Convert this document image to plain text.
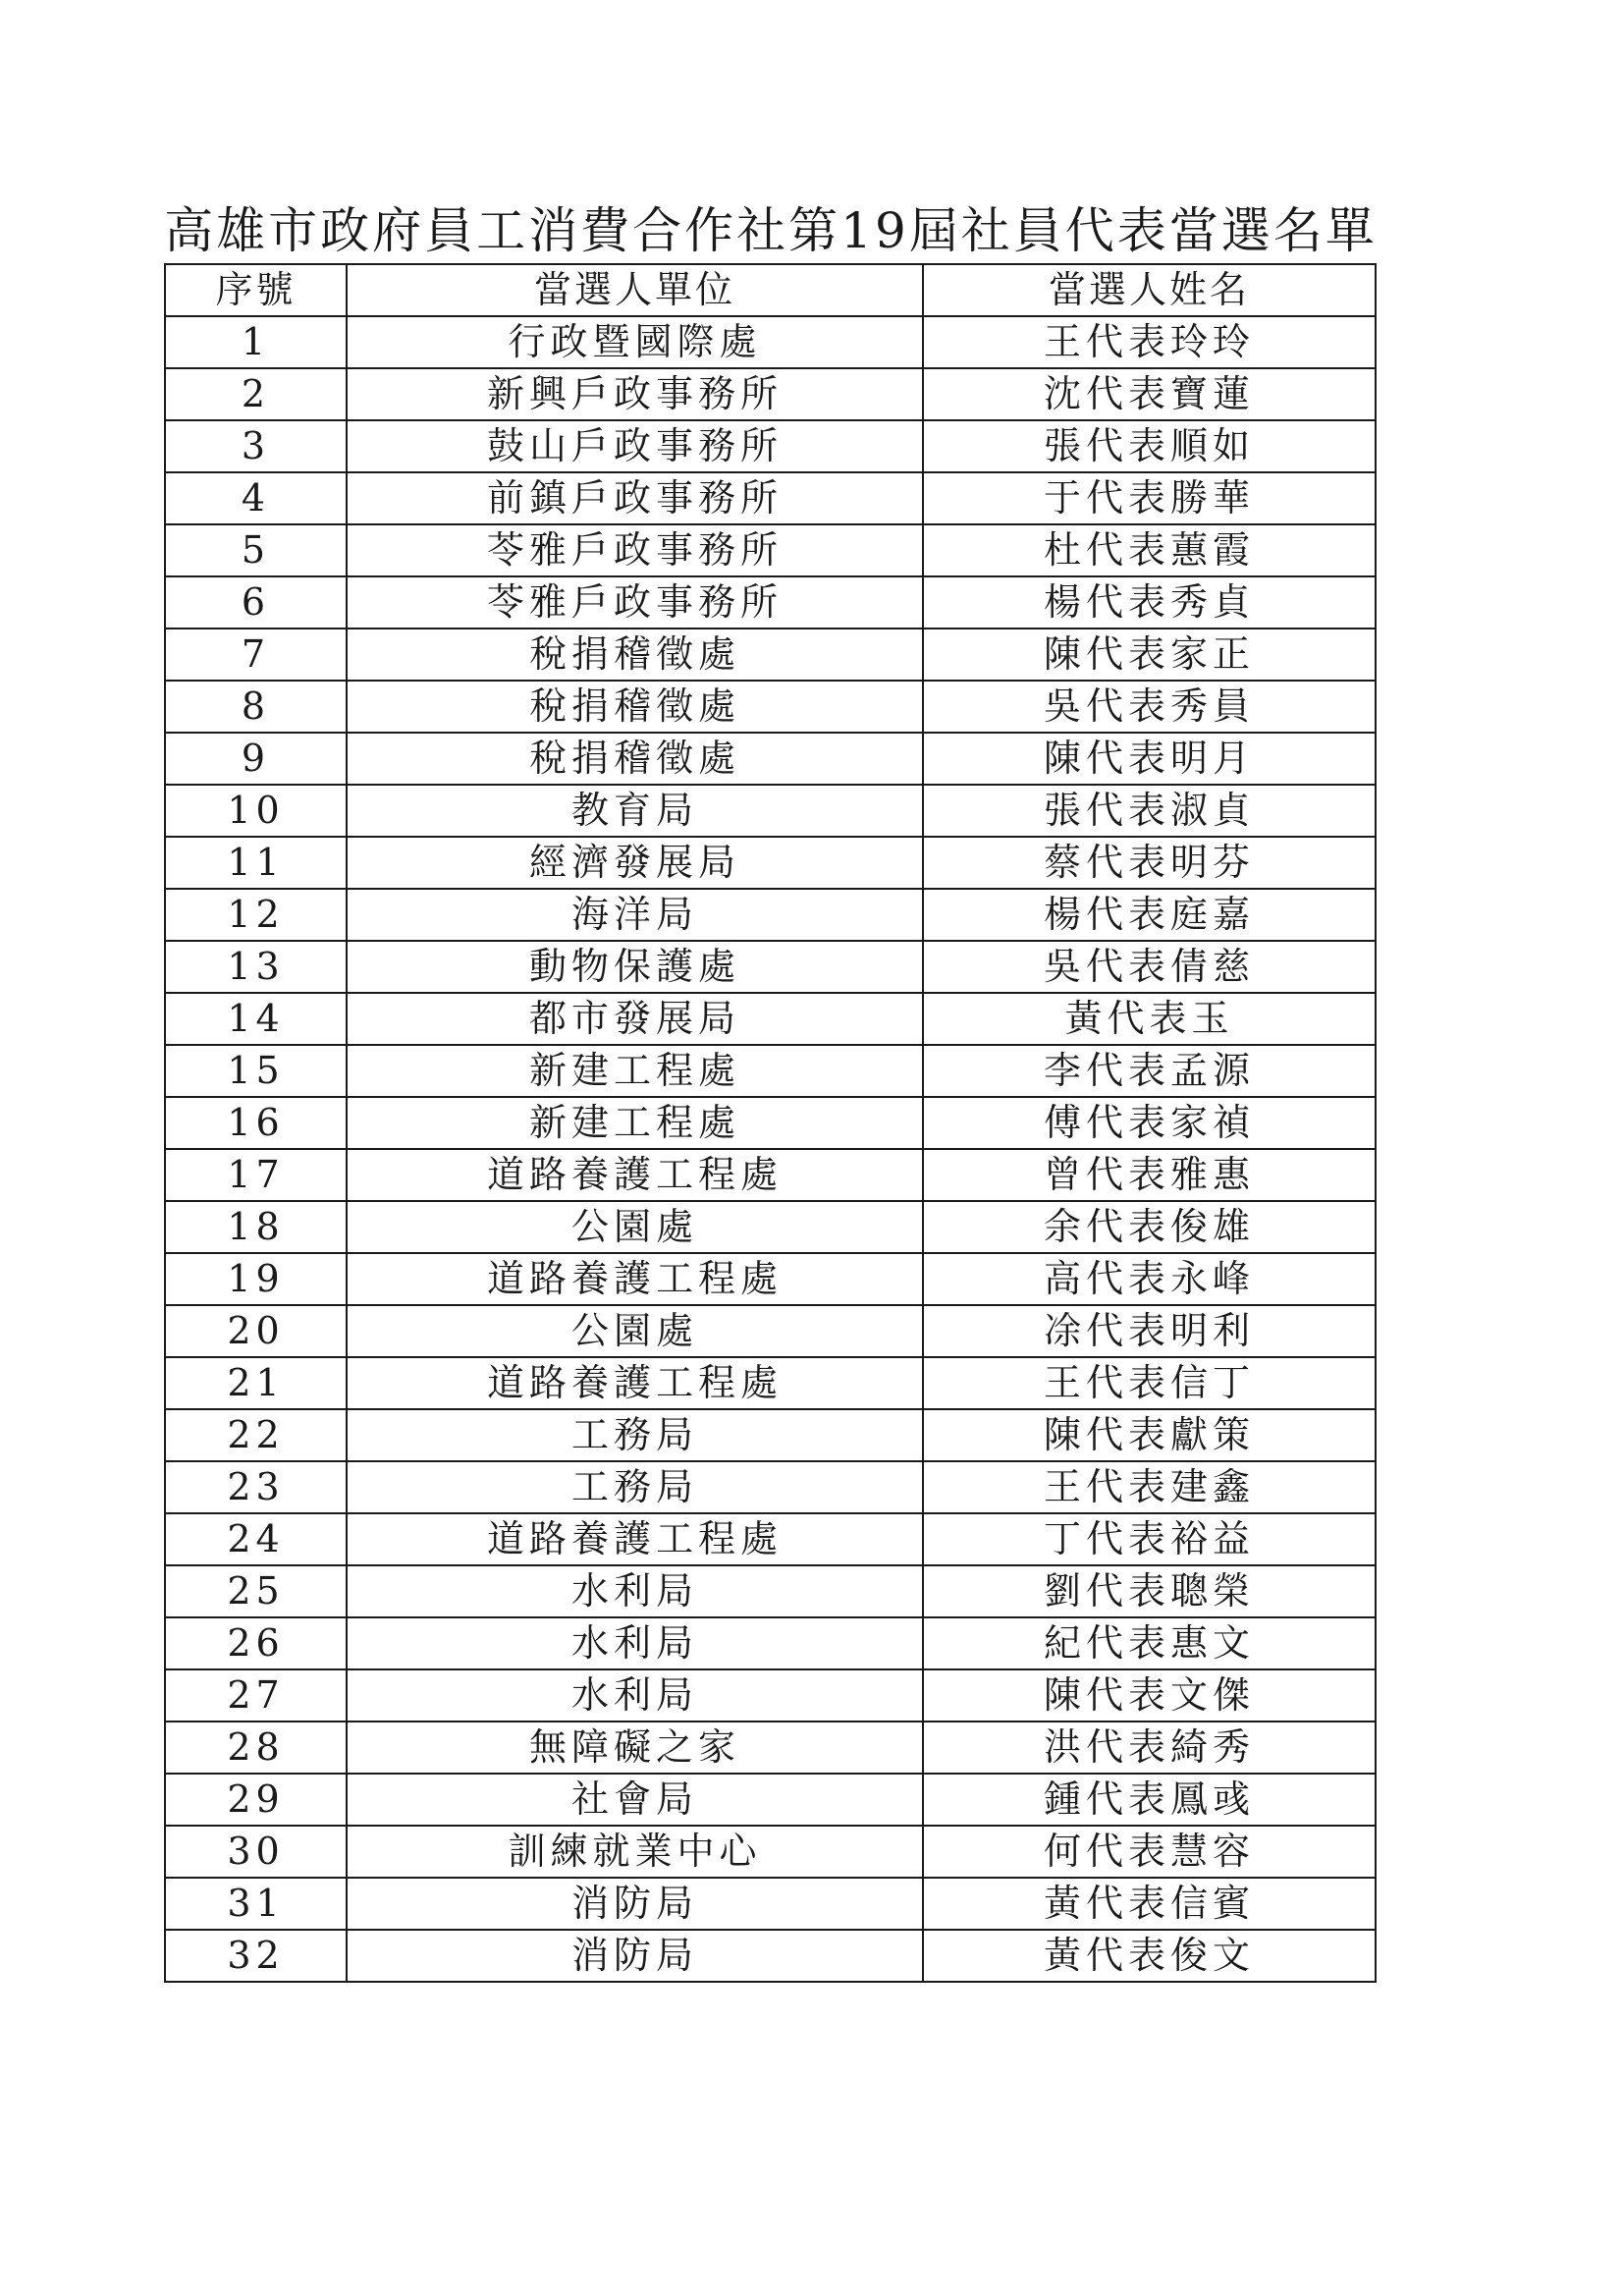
高雄市政府員工消費合作社第19屆社員代表當選名單
序號	當選人單位	當選人姓名
1	行政暨國際處	王代表玲玲
2	新興戶政事務所	沈代表寶蓮
3	鼓山戶政事務所	張代表順如
4	前鎮戶政事務所	于代表勝華
5	苓雅戶政事務所	杜代表蕙霞
6	苓雅戶政事務所	楊代表秀貞
7	稅捐稽徵處	陳代表家正
8	稅捐稽徵處	吳代表秀員
9	稅捐稽徵處	陳代表明月
10	教育局	張代表淑貞
11	經濟發展局	蔡代表明芬
12	海洋局	楊代表庭嘉
13	動物保護處	吳代表倩慈
14	都市發展局	黃代表玉
15	新建工程處	李代表孟源
16	新建工程處	傅代表家禎
17	道路養護工程處	曾代表雅惠
18	公園處	余代表俊雄
19	道路養護工程處	高代表永峰
20	公園處	凃代表明利
21	道路養護工程處	王代表信丁
22	工務局	陳代表獻策
23	工務局	王代表建鑫
24	道路養護工程處	丁代表裕益
25	水利局	劉代表聰榮
26	水利局	紀代表惠文
27	水利局	陳代表文傑
28	無障礙之家	洪代表綺秀
29	社會局	鍾代表鳳彧
30	訓練就業中心	何代表慧容
31	消防局	黃代表信賓
32	消防局	黃代表俊文
